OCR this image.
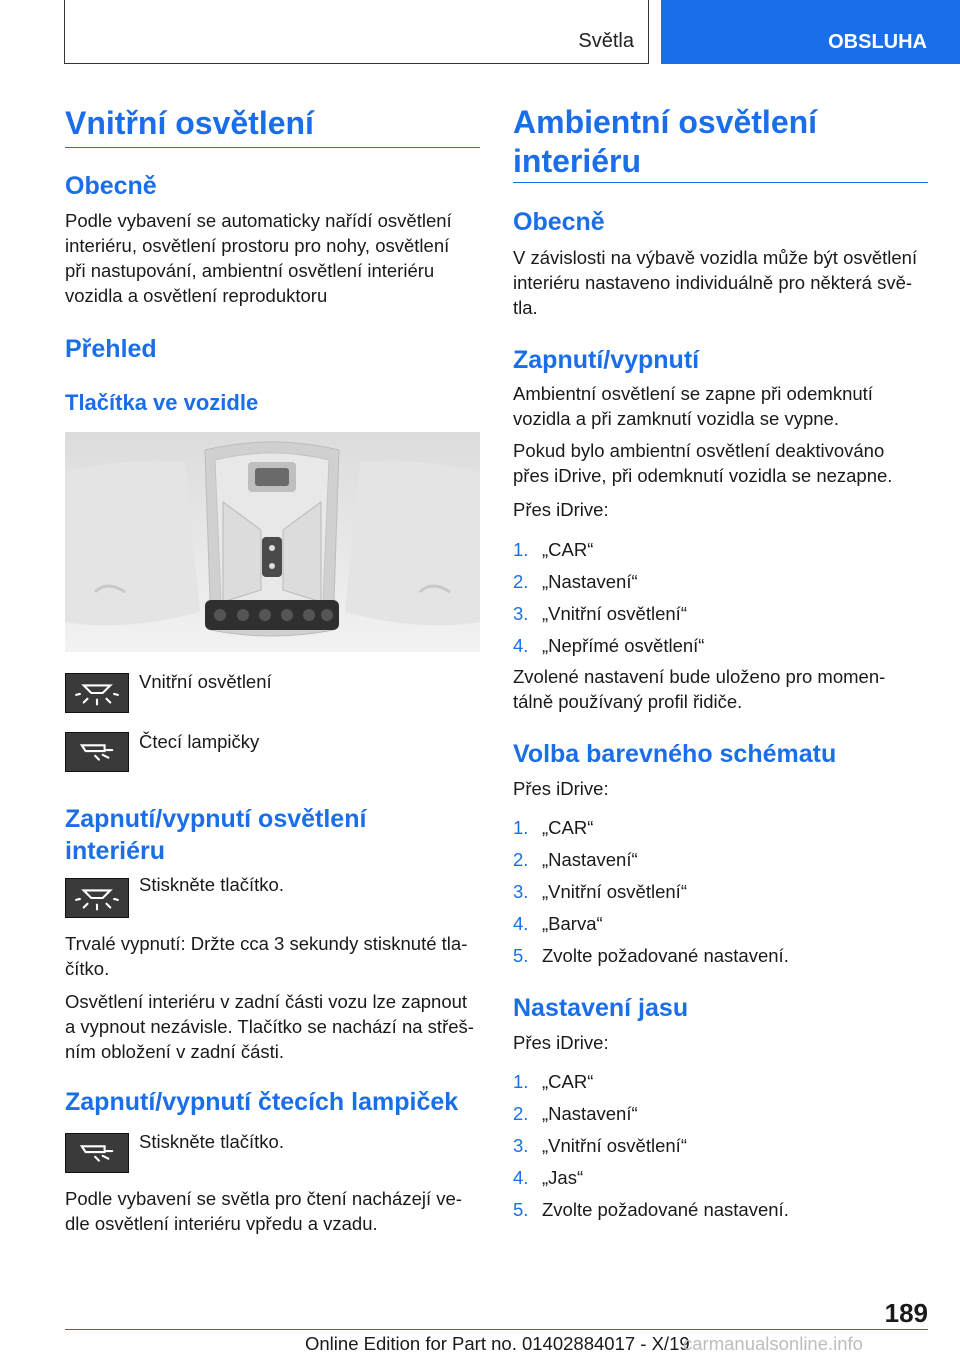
Světla	OBSLUHA
Vnitřní osvětlení
Obecně
Podle vybavení se automaticky nařídí osvětlení
interiéru, osvětlení prostoru pro nohy, osvětlení
při nastupování, ambientní osvětlení interiéru
vozidla a osvětlení reproduktoru
Přehled
Tlačítka ve vozidle
Vnitřní osvětlení
Čtecí lampičky
Zapnutí/vypnutí osvětlení
interiéru
Stiskněte tlačítko.
Trvalé vypnutí: Držte cca 3 sekundy stisknuté tla-
čítko.
Osvětlení interiéru v zadní části vozu lze zapnout
a vypnout nezávisle. Tlačítko se nachází na střeš-
ním obložení v zadní části.
Zapnutí/vypnutí čtecích lampiček
Stiskněte tlačítko.
Podle vybavení se světla pro čtení nacházejí ve-
dle osvětlení interiéru vpředu a vzadu.
Ambientní osvětlení
interiéru
Obecně
V závislosti na výbavě vozidla může být osvětlení
interiéru nastaveno individuálně pro některá svě-
tla.
Zapnutí/vypnutí
Ambientní osvětlení se zapne při odemknutí
vozidla a při zamknutí vozidla se vypne.
Pokud bylo ambientní osvětlení deaktivováno
přes iDrive, při odemknutí vozidla se nezapne.
Přes iDrive:
1. „CAR“
2. „Nastavení“
3. „Vnitřní osvětlení“
4. „Nepřímé osvětlení“
Zvolené nastavení bude uloženo pro momen-
tálně používaný profil řidiče.
Volba barevného schématu
Přes iDrive:
1. „CAR“
2. „Nastavení“
3. „Vnitřní osvětlení“
4. „Barva“
5. Zvolte požadované nastavení.
Nastavení jasu
Přes iDrive:
1. „CAR“
2. „Nastavení“
3. „Vnitřní osvětlení“
4. „Jas“
5. Zvolte požadované nastavení.
189
Online Edition for Part no. 01402884017 - X/19
carmanualsonline.info
